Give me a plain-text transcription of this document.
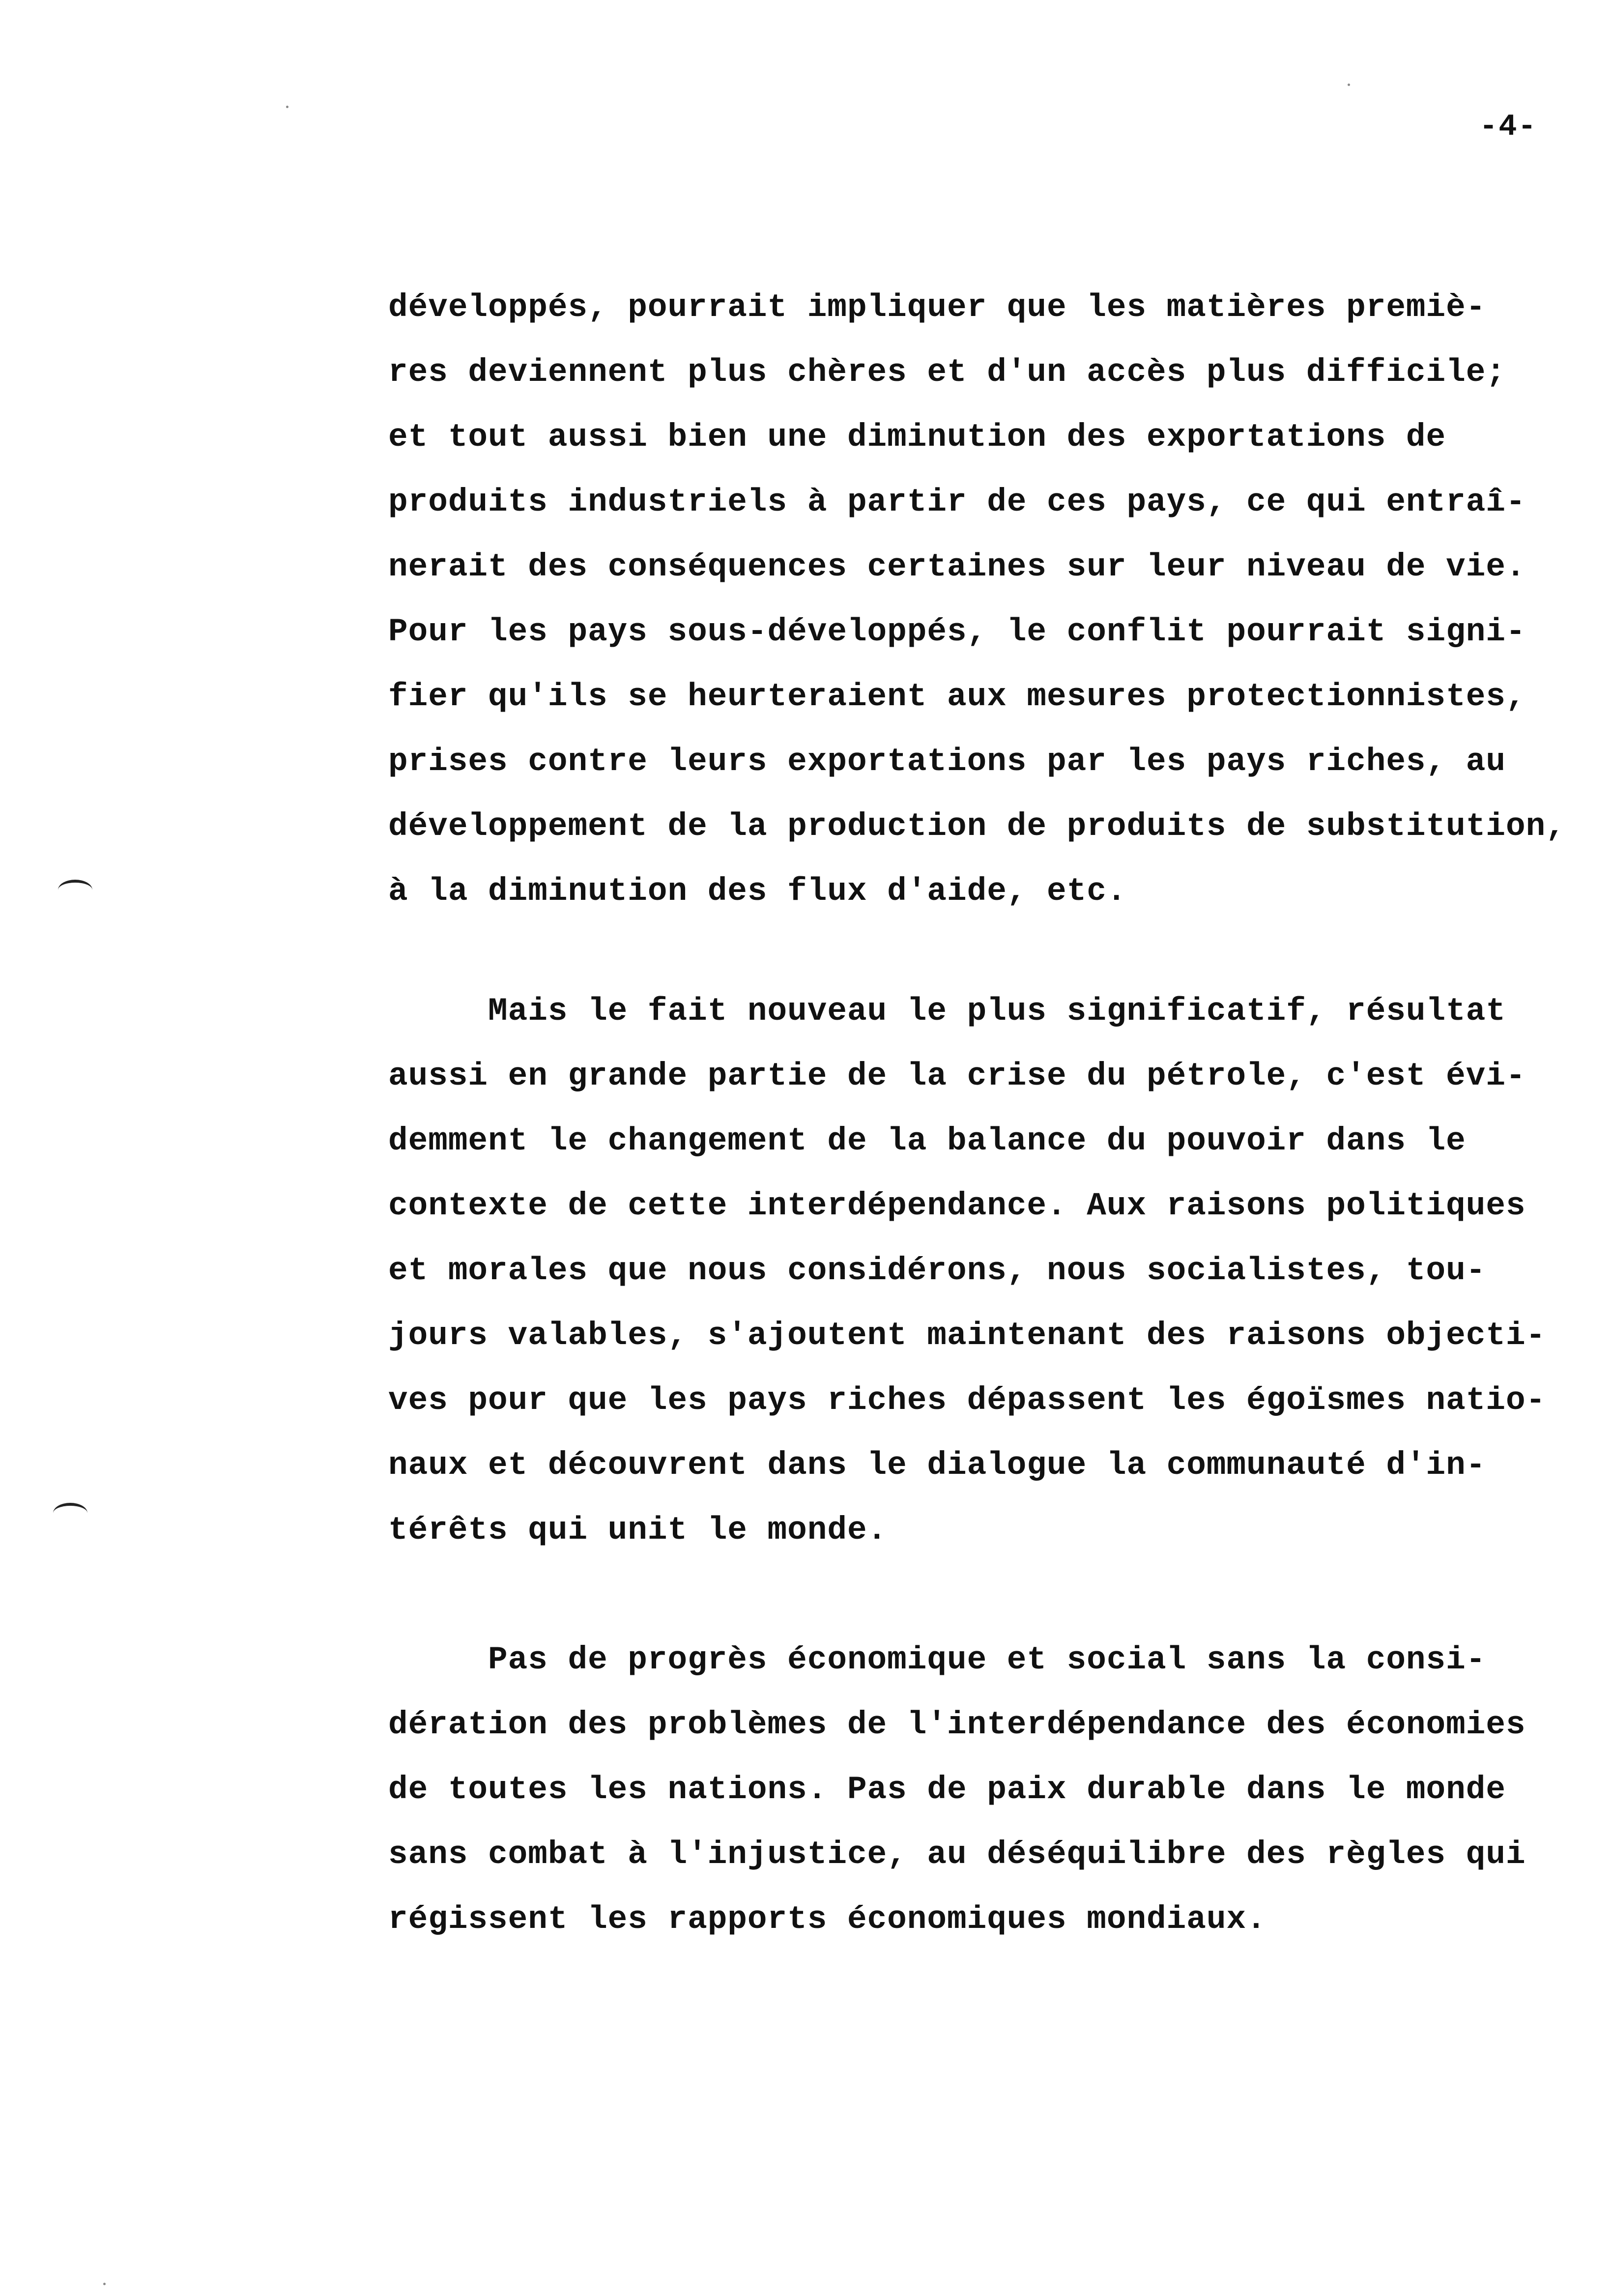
-4-
développés, pourrait impliquer que les matières premiè-
res deviennent plus chères et d'un accès plus difficile;
et tout aussi bien une diminution des exportations de
produits industriels à partir de ces pays, ce qui entraî-
nerait des conséquences certaines sur leur niveau de vie.
Pour les pays sous-développés, le conflit pourrait signi-
fier qu'ils se heurteraient aux mesures protectionnistes,
prises contre leurs exportations par les pays riches, au
développement de la production de produits de substitution,
à la diminution des flux d'aide, etc.
Mais le fait nouveau le plus significatif, résultat
aussi en grande partie de la crise du pétrole, c'est évi-
demment le changement de la balance du pouvoir dans le
contexte de cette interdépendance. Aux raisons politiques
et morales que nous considérons, nous socialistes, tou-
jours valables, s'ajoutent maintenant des raisons objecti-
ves pour que les pays riches dépassent les égoïsmes natio-
naux et découvrent dans le dialogue la communauté d'in-
térêts qui unit le monde.
Pas de progrès économique et social sans la consi-
dération des problèmes de l'interdépendance des économies
de toutes les nations. Pas de paix durable dans le monde
sans combat à l'injustice, au déséquilibre des règles qui
régissent les rapports économiques mondiaux.
